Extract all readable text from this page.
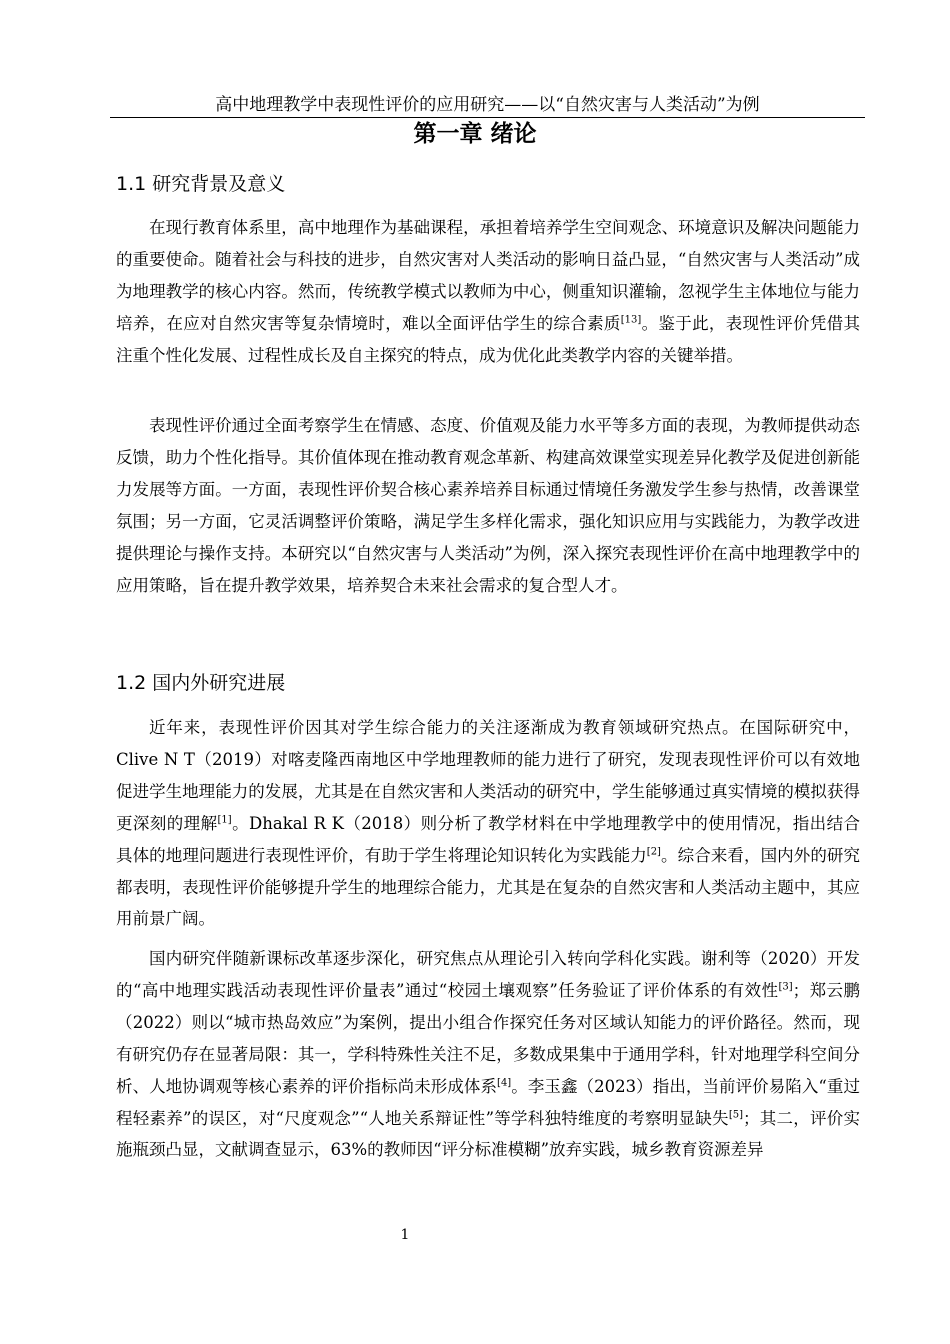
高中地理教学中表现性评价的应用研究——以“自然灾害与人类活动”为例
第一章 绪论
1.1 研究背景及意义

在现行教育体系里，高中地理作为基础课程，承担着培养学生空间观念、环境意识及解决问题能力的重要使命。随着社会与科技的进步，自然灾害对人类活动的影响日益凸显，“自然灾害与人类活动”成为地理教学的核心内容。然而，传统教学模式以教师为中心，侧重知识灌输，忽视学生主体地位与能力培养，在应对自然灾害等复杂情境时，难以全面评估学生的综合素质[13]。鉴于此，表现性评价凭借其注重个性化发展、过程性成长及自主探究的特点，成为优化此类教学内容的关键举措。

表现性评价通过全面考察学生在情感、态度、价值观及能力水平等多方面的表现，为教师提供动态反馈，助力个性化指导。其价值体现在推动教育观念革新、构建高效课堂实现差异化教学及促进创新能力发展等方面。一方面，表现性评价契合核心素养培养目标通过情境任务激发学生参与热情，改善课堂氛围；另一方面，它灵活调整评价策略，满足学生多样化需求，强化知识应用与实践能力，为教学改进提供理论与操作支持。本研究以“自然灾害与人类活动”为例，深入探究表现性评价在高中地理教学中的应用策略，旨在提升教学效果，培养契合未来社会需求的复合型人才。

1.2 国内外研究进展

近年来，表现性评价因其对学生综合能力的关注逐渐成为教育领域研究热点。在国际研究中，Clive N T（2019）对喀麦隆西南地区中学地理教师的能力进行了研究，发现表现性评价可以有效地促进学生地理能力的发展，尤其是在自然灾害和人类活动的研究中，学生能够通过真实情境的模拟获得更深刻的理解[1]。Dhakal R K（2018）则分析了教学材料在中学地理教学中的使用情况，指出结合具体的地理问题进行表现性评价，有助于学生将理论知识转化为实践能力[2]。综合来看，国内外的研究都表明，表现性评价能够提升学生的地理综合能力，尤其是在复杂的自然灾害和人类活动主题中，其应用前景广阔。

国内研究伴随新课标改革逐步深化，研究焦点从理论引入转向学科化实践。谢利等（2020）开发的“高中地理实践活动表现性评价量表”通过“校园土壤观察”任务验证了评价体系的有效性[3]；郑云鹏（2022）则以“城市热岛效应”为案例，提出小组合作探究任务对区域认知能力的评价路径。然而，现有研究仍存在显著局限：其一，学科特殊性关注不足，多数成果集中于通用学科，针对地理学科空间分析、人地协调观等核心素养的评价指标尚未形成体系[4]。李玉鑫（2023）指出，当前评价易陷入“重过程轻素养”的误区，对“尺度观念”“人地关系辩证性”等学科独特维度的考察明显缺失[5]；其二，评价实施瓶颈凸显，文献调查显示，63%的教师因“评分标准模糊”放弃实践，城乡教育资源差异

1
